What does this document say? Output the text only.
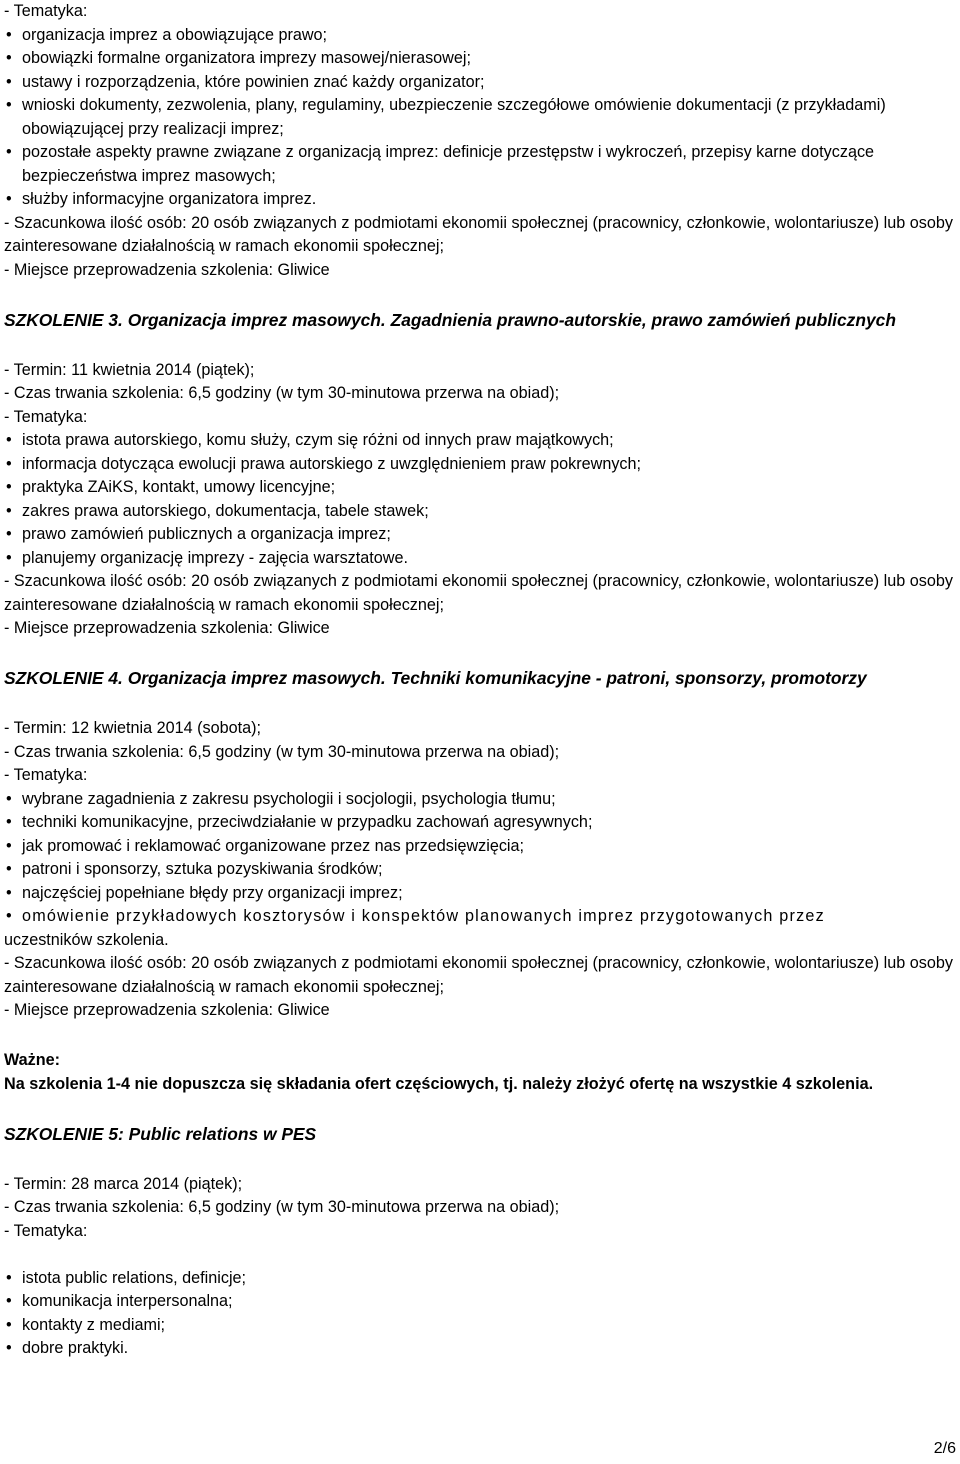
- Tematyka:

• organizacja imprez a obowiązujące prawo;
• obowiązki formalne organizatora imprezy masowej/nierasowej;
• ustawy i rozporządzenia, które powinien znać każdy organizator;
• wnioski dokumenty, zezwolenia, plany, regulaminy, ubezpieczenie szczegółowe omówienie dokumentacji (z przykładami) obowiązującej przy realizacji imprez;
• pozostałe aspekty prawne związane z organizacją imprez: definicje przestępstw i wykroczeń, przepisy karne dotyczące bezpieczeństwa imprez masowych;
• służby informacyjne organizatora imprez.

- Szacunkowa ilość osób: 20 osób związanych z podmiotami ekonomii społecznej (pracownicy, członkowie, wolontariusze) lub osoby zainteresowane działalnością w ramach ekonomii społecznej;

- Miejsce przeprowadzenia szkolenia: Gliwice

SZKOLENIE 3. Organizacja imprez masowych. Zagadnienia prawno-autorskie, prawo zamówień publicznych

- Termin: 11 kwietnia 2014 (piątek);

- Czas trwania szkolenia: 6,5 godziny (w tym 30-minutowa przerwa na obiad);

- Tematyka:

• istota prawa autorskiego, komu służy, czym się różni od innych praw majątkowych;
• informacja dotycząca ewolucji prawa autorskiego z uwzględnieniem praw pokrewnych;
• praktyka ZAiKS, kontakt, umowy licencyjne;
• zakres prawa autorskiego, dokumentacja, tabele stawek;
• prawo zamówień publicznych a organizacja imprez;
• planujemy organizację imprezy - zajęcia warsztatowe.

- Szacunkowa ilość osób: 20 osób związanych z podmiotami ekonomii społecznej (pracownicy, członkowie, wolontariusze) lub osoby zainteresowane działalnością w ramach ekonomii społecznej;

- Miejsce przeprowadzenia szkolenia: Gliwice

SZKOLENIE 4. Organizacja imprez masowych. Techniki komunikacyjne - patroni, sponsorzy, promotorzy

- Termin: 12 kwietnia 2014 (sobota);

- Czas trwania szkolenia: 6,5 godziny (w tym 30-minutowa przerwa na obiad);

- Tematyka:

• wybrane zagadnienia z zakresu psychologii i socjologii, psychologia tłumu;
• techniki komunikacyjne, przeciwdziałanie w przypadku zachowań agresywnych;
• jak promować i reklamować organizowane przez nas przedsięwzięcia;
• patroni i sponsorzy, sztuka pozyskiwania środków;
• najczęściej popełniane błędy przy organizacji imprez;
• omówienie przykładowych kosztorysów i konspektów planowanych imprez przygotowanych przez

uczestników szkolenia.

- Szacunkowa ilość osób: 20 osób związanych z podmiotami ekonomii społecznej (pracownicy, członkowie, wolontariusze) lub osoby zainteresowane działalnością w ramach ekonomii społecznej;

- Miejsce przeprowadzenia szkolenia: Gliwice

Ważne:

Na szkolenia 1-4 nie dopuszcza się składania ofert częściowych, tj. należy złożyć ofertę na wszystkie 4 szkolenia.

SZKOLENIE 5: Public relations w PES

- Termin: 28 marca 2014 (piątek);

- Czas trwania szkolenia: 6,5 godziny (w tym 30-minutowa przerwa na obiad);

- Tematyka:

• istota public relations, definicje;
• komunikacja interpersonalna;
• kontakty z mediami;
• dobre praktyki.
2/6
